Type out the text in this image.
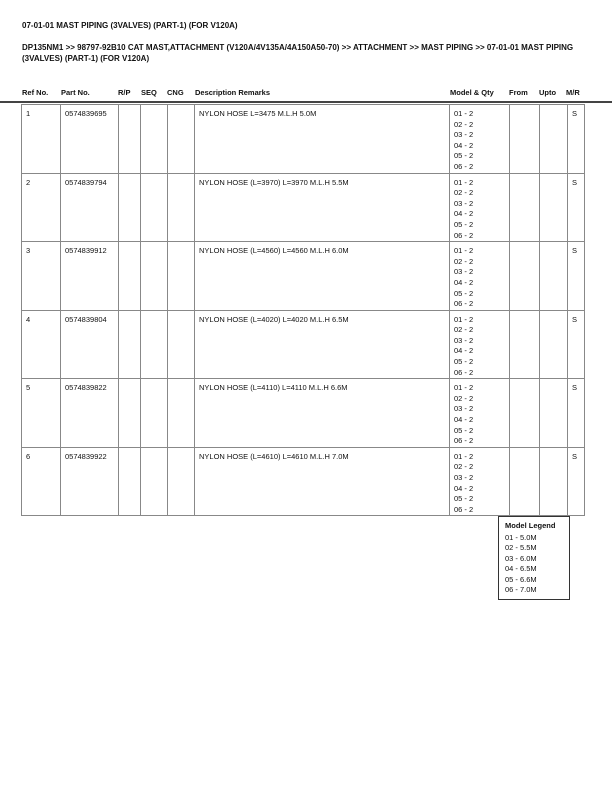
07-01-01 MAST PIPING (3VALVES) (PART-1) (FOR V120A)
DP135NM1 >> 98797-92B10 CAT MAST,ATTACHMENT (V120A/4V135A/4A150A50-70) >> ATTACHMENT >> MAST PIPING >> 07-01-01 MAST PIPING (3VALVES) (PART-1) (FOR V120A)
Ref No. Part No.	R/P SEQ CNG Description Remarks	Model & Qty From Upto M/R
1	0574839695				NYLON HOSE L=3475 M.L.H 5.0M	01 - 2
02 - 2
03 - 2
04 - 2
05 - 2
06 - 2
			S
2	0574839794				NYLON HOSE (L=3970) L=3970 M.L.H 5.5M	01 - 2
02 - 2
03 - 2
04 - 2
05 - 2
06 - 2
			S
3	0574839912				NYLON HOSE (L=4560) L=4560 M.L.H 6.0M	01 - 2
02 - 2
03 - 2
04 - 2
05 - 2
06 - 2
			S
4	0574839804				NYLON HOSE (L=4020) L=4020 M.L.H 6.5M	01 - 2
02 - 2
03 - 2
04 - 2
05 - 2
06 - 2
			S
5	0574839822				NYLON HOSE (L=4110) L=4110 M.L.H 6.6M	01 - 2
02 - 2
03 - 2
04 - 2
05 - 2
06 - 2
			S
6	0574839922				NYLON HOSE (L=4610) L=4610 M.L.H 7.0M	01 - 2
02 - 2
03 - 2
04 - 2
05 - 2
06 - 2
			S
Model Legend
01 - 5.0M
02 - 5.5M
03 - 6.0M
04 - 6.5M
05 - 6.6M
06 - 7.0M
